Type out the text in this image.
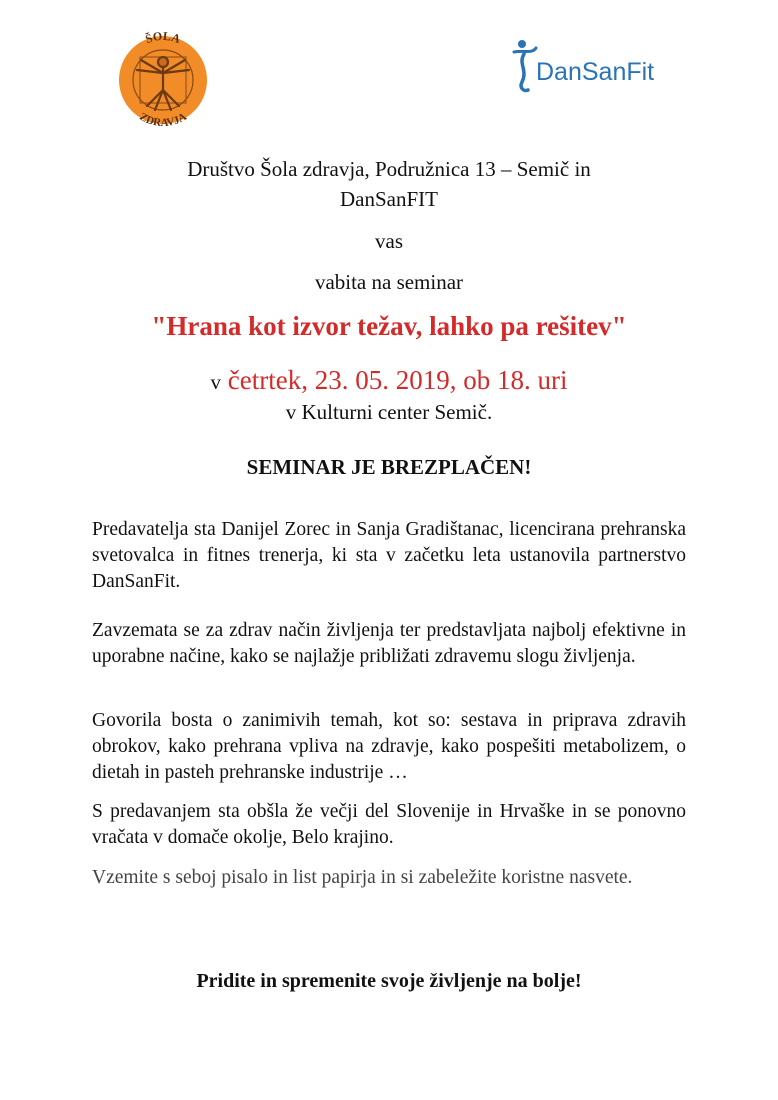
ŠOLA
ZDRAVJA
DanSanFit
Društvo Šola zdravja, Podružnica 13 – Semič in
DanSanFIT
vas
vabita na seminar
"Hrana kot izvor težav, lahko pa rešitev"
v četrtek, 23. 05. 2019, ob 18. uri
v Kulturni center Semič.
SEMINAR JE BREZPLAČEN!
Predavatelja sta Danijel Zorec in Sanja Gradištanac, licencirana prehranska svetovalca in fitnes trenerja, ki sta v začetku leta ustanovila partnerstvo DanSanFit.
Zavzemata se za zdrav način življenja ter predstavljata najbolj efektivne in uporabne načine, kako se najlažje približati zdravemu slogu življenja.
Govorila bosta o zanimivih temah, kot so: sestava in priprava zdravih obrokov, kako prehrana vpliva na zdravje, kako pospešiti metabolizem, o dietah in pasteh prehranske industrije …
S predavanjem sta obšla že večji del Slovenije in Hrvaške in se ponovno vračata v domače okolje, Belo krajino.
Vzemite s seboj pisalo in list papirja in si zabeležite koristne nasvete.
Pridite in spremenite svoje življenje na bolje!
